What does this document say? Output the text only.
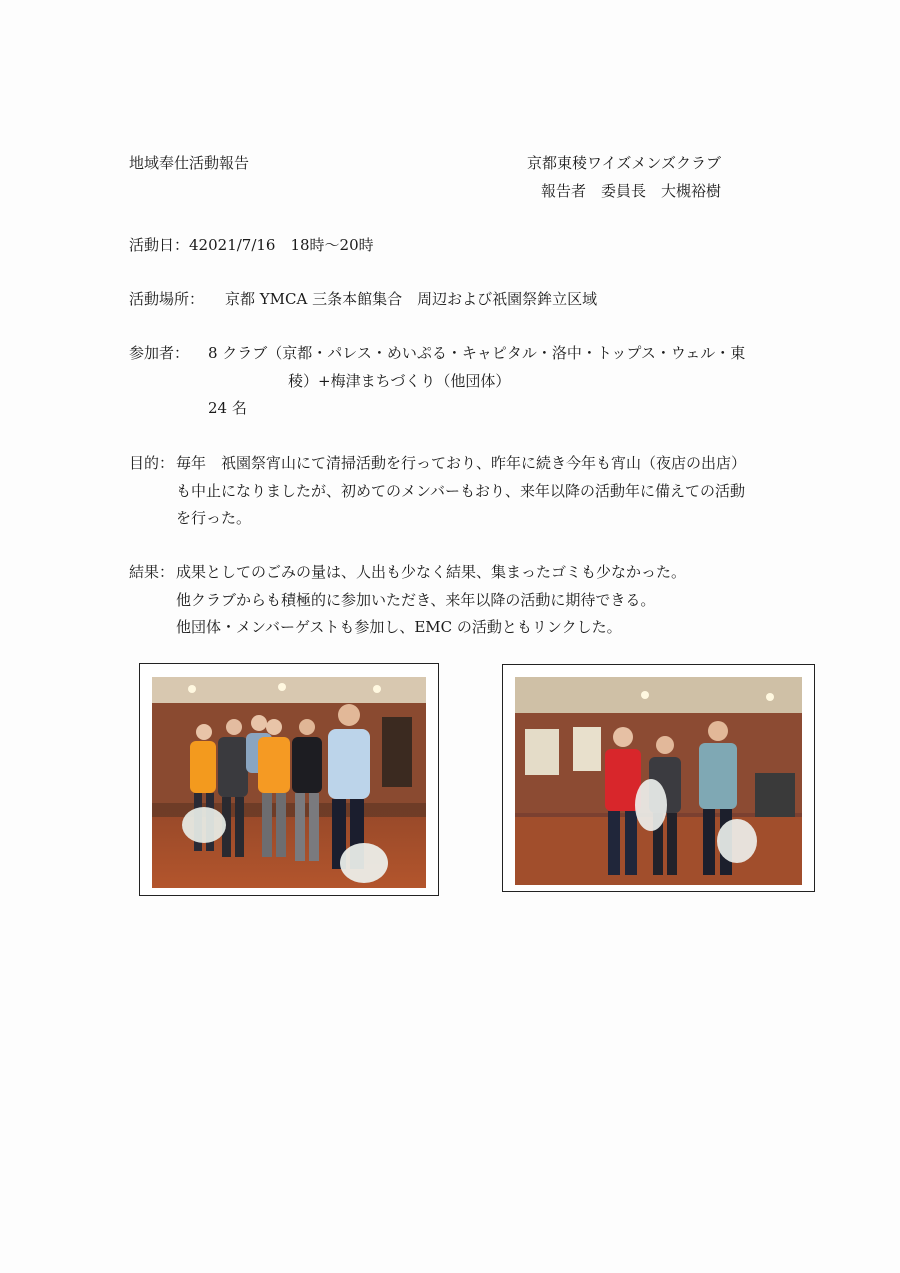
地域奉仕活動報告	京都東稜ワイズメンズクラブ
報告者　委員長　大槻裕樹
活動日：42021/7/16　18時～20時
活動場所： 京都 YMCA 三条本館集合　周辺および祇園祭鉾立区域
参加者： 8 クラブ（京都・パレス・めいぷる・キャピタル・洛中・トップス・ウェル・東
稜）+梅津まちづくり（他団体）
24 名
目的： 毎年　祇園祭宵山にて清掃活動を行っており、昨年に続き今年も宵山（夜店の出店）
も中止になりましたが、初めてのメンバーもおり、来年以降の活動年に備えての活動
を行った。
結果： 成果としてのごみの量は、人出も少なく結果、集まったゴミも少なかった。
他クラブからも積極的に参加いただき、来年以降の活動に期待できる。
他団体・メンバーゲストも参加し、EMC の活動ともリンクした。
